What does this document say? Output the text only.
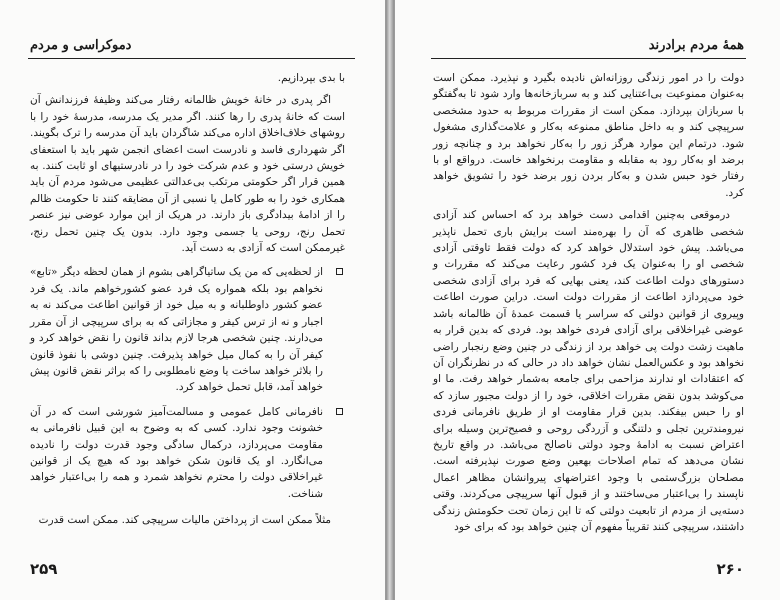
دموکراسی و مردم

با بدی بپردازیم.

اگر پدری در خانهٔ خویش ظالمانه رفتار می‌کند وظیفهٔ فرزندانش آن است که خانهٔ پدری را رها کنند. اگر مدیر یک مدرسه، مدرسهٔ خود را با روشهای خلاف‌اخلاق اداره می‌کند شاگردان باید آن مدرسه را ترک بگویند. اگر شهرداری فاسد و نادرست است اعضای انجمن شهر باید با استعفای خویش درستی خود و عدم شرکت خود را در نادرستیهای او ثابت کنند. به همین قرار اگر حکومتی مرتکب بی‌عدالتی عظیمی می‌شود مردم آن باید همکاری خود را به طور کامل یا نسبی از آن مضایقه کنند تا حکومت ظالم را از ادامهٔ بیدادگری باز دارند. در هریک از این موارد عوضی نیز عنصر تحمل رنج، روحی یا جسمی وجود دارد. بدون یک چنین تحمل رنج، غیرممکن است که آزادی به دست آید.

از لحظه‌یی که من یک ساتیاگراهی بشوم از همان لحظه دیگر «تابع» نخواهم بود بلکه همواره یک فرد عضو کشورخواهم ماند. یک فرد عضو کشور داوطلبانه و به میل خود از قوانین اطاعت می‌کند نه به اجبار و نه از ترس کیفر و مجازاتی که به برای سرپیچی از آن مقرر می‌دارند. چنین شخصی هرجا لازم بداند قانون را نقض خواهد کرد و کیفر آن را به کمال میل خواهد پذیرفت. چنین دوشی با نفوذ قانون را بلاثر خواهد ساخت یا وضع نامطلوبی را که براثر نقض قانون پیش خواهد آمد، قابل تحمل خواهد کرد.
نافرمانی کامل عمومی و مسالمت‌آمیز شورشی است که در آن خشونت وجود ندارد. کسی که به وضوح به این قبیل نافرمانی به مقاومت می‌پردازد، درکمال سادگی وجود قدرت دولت را نادیده می‌انگارد. او یک قانون شکن خواهد بود که هیچ یک از قوانین غیراخلاقی دولت را محترم نخواهد شمرد و همه را بی‌اعتبار خواهد شناخت.

مثلاً ممکن است از پرداختن مالیات سرپیچی کند. ممکن است قدرت

۲۵۹
همهٔ مردم برادرند

دولت را در امور زندگی روزانه‌اش نادیده بگیرد و نپذیرد. ممکن است به‌عنوان ممنوعیت بی‌اعتنایی کند و به سربازخانه‌ها وارد شود تا به‌گفتگو با سربازان بپردازد. ممکن است از مقررات مربوط به حدود مشخصی سرپیچی کند و به داخل مناطق ممنوعه به‌کار و علامت‌گذاری مشغول شود. درتمام این موارد هرگز زور را به‌کار نخواهد برد و چنانچه زور برضد او به‌کار رود به مقابله و مقاومت برنخواهد خاست. درواقع او با رفتار خود حبس شدن و به‌کار بردن زور برضد خود را تشویق خواهد کرد.

درموقعی به‌چنین اقدامی دست خواهد برد که احساس کند آزادی شخصی ظاهری که آن را بهره‌مند است برایش باری تحمل ناپذیر می‌باشد. پیش خود استدلال خواهد کرد که دولت فقط تاوقتی آزادی شخصی او را به‌عنوان یک فرد کشور رعایت می‌کند که مقررات و دستورهای دولت اطاعت کند، یعنی بهایی که فرد برای آزادی شخصی خود می‌پردازد اطاعت از مقررات دولت است. دراین صورت اطاعت وپیروی از قوانین دولتی که سراسر یا قسمت عمدهٔ آن ظالمانه باشد عوضی غیراخلاقی برای آزادی فردی خواهد بود. فردی که بدین قرار به ماهیت زشت دولت پی خواهد برد از زندگی در چنین وضع رنجبار راضی نخواهد بود و عکس‌العمل نشان خواهد داد در حالی که در نظرنگران آن که اعتقادات او ندارند مزاحمی برای جامعه به‌شمار خواهد رفت. ما او می‌کوشد بدون نقض مقررات اخلاقی، خود را از دولت مجبور سازد که او را حبس بیفکند. بدین قرار مقاومت او از طریق نافرمانی فردی نیرومندترین تجلی و دلتنگی و آزردگی روحی و فصیح‌ترین وسیله برای اعتراض نسبت به ادامهٔ وجود دولتی ناصالح می‌باشد. در واقع تاریخ نشان می‌دهد که تمام اصلاحات بهعین وضع صورت نپذیرفته است. مصلحان بزرگ‌ستمی با وجود اعتراضهای پیروانشان مظاهر اعمال ناپسند را بی‌اعتبار می‌ساختند و از قبول آنها سرپیچی می‌کردند. وقتی دسته‌یی از مردم از تابعیت دولتی که تا این زمان تحت حکومتش زندگی داشتند، سرپیچی کنند تقریباً مفهوم آن چنین خواهد بود که برای خود

۲۶۰
